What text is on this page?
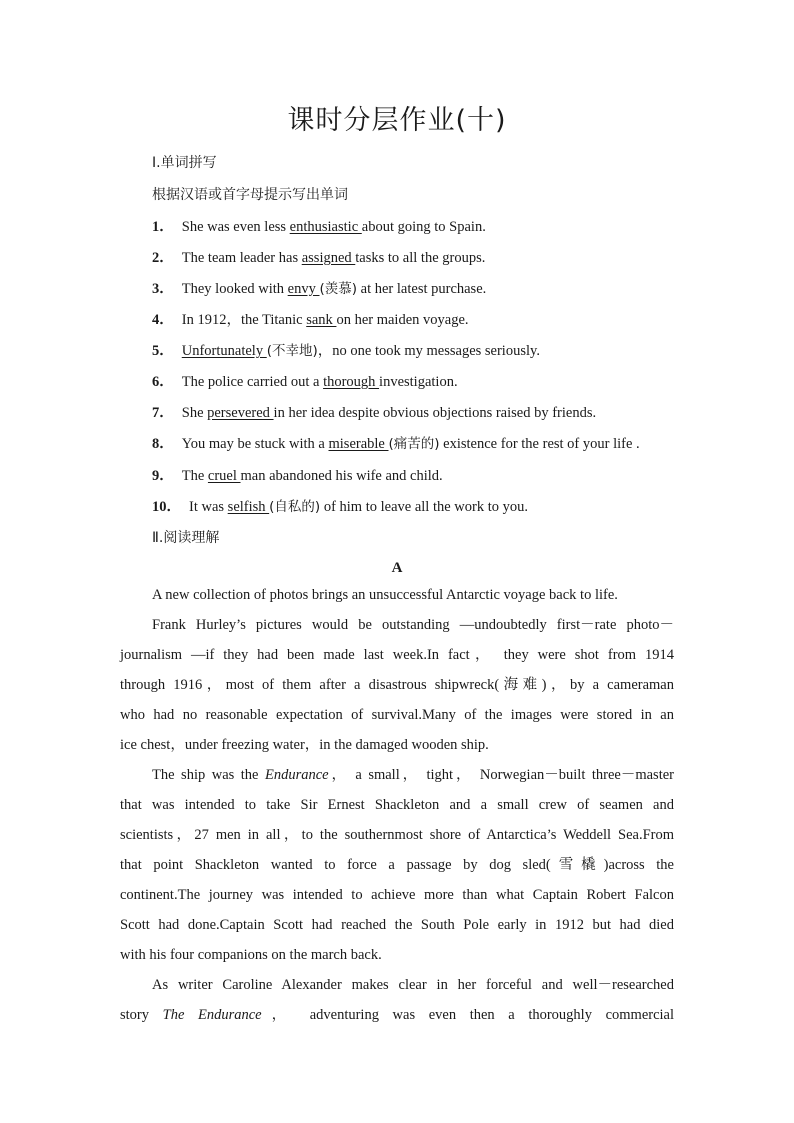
课时分层作业(十)
Ⅰ.单词拼写
根据汉语或首字母提示写出单词
1． She was even less enthusiastic about going to Spain.
2． The team leader has assigned tasks to all the groups.
3． They looked with envy (羡慕) at her latest purchase.
4． In 1912，the Titanic sank on her maiden voyage.
5． Unfortunately (不幸地)，no one took my messages seriously.
6． The police carried out a thorough investigation.
7． She persevered in her idea despite obvious objections raised by friends.
8． You may be stuck with a miserable (痛苦的) existence for the rest of your life .
9． The cruel man abandoned his wife and child.
10． It was selfish (自私的) of him to leave all the work to you.
Ⅱ.阅读理解
A
A new collection of photos brings an unsuccessful Antarctic voyage back to life.
Frank Hurley’s pictures would be outstanding —undoubtedly first－rate photo－
journalism —if they had been made last week.In fact， they were shot from 1914
through 1916，most of them after a disastrous shipwreck(海难)，by a cameraman
who had no reasonable expectation of survival.Many of the images were stored in an
ice chest，under freezing water，in the damaged wooden ship.
The ship was the Endurance， a small， tight， Norwegian－built three－master
that was intended to take Sir Ernest Shackleton and a small crew of seamen and
scientists，27 men in all，to the southernmost shore of Antarctica’s Weddell Sea.From
that point Shackleton wanted to force a passage by dog sled(雪橇)across the
continent.The journey was intended to achieve more than what Captain Robert Falcon
Scott had done.Captain Scott had reached the South Pole early in 1912 but had died
with his four companions on the march back.
As writer Caroline Alexander makes clear in her forceful and well－researched
story The Endurance， adventuring was even then a thoroughly commercial
